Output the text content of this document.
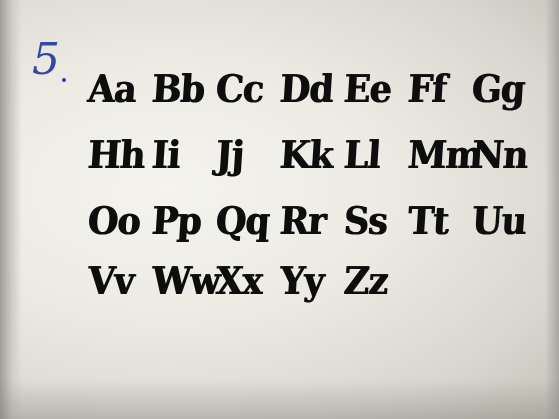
ﾠ
5
Aa Bb Cc Dd Ee Ff Gg
Hh Ii Jj Kk Ll Mm
Nn
Oo Pp Qq Rr Ss Tt Uu
Vv Ww
Xx Yy Zz
